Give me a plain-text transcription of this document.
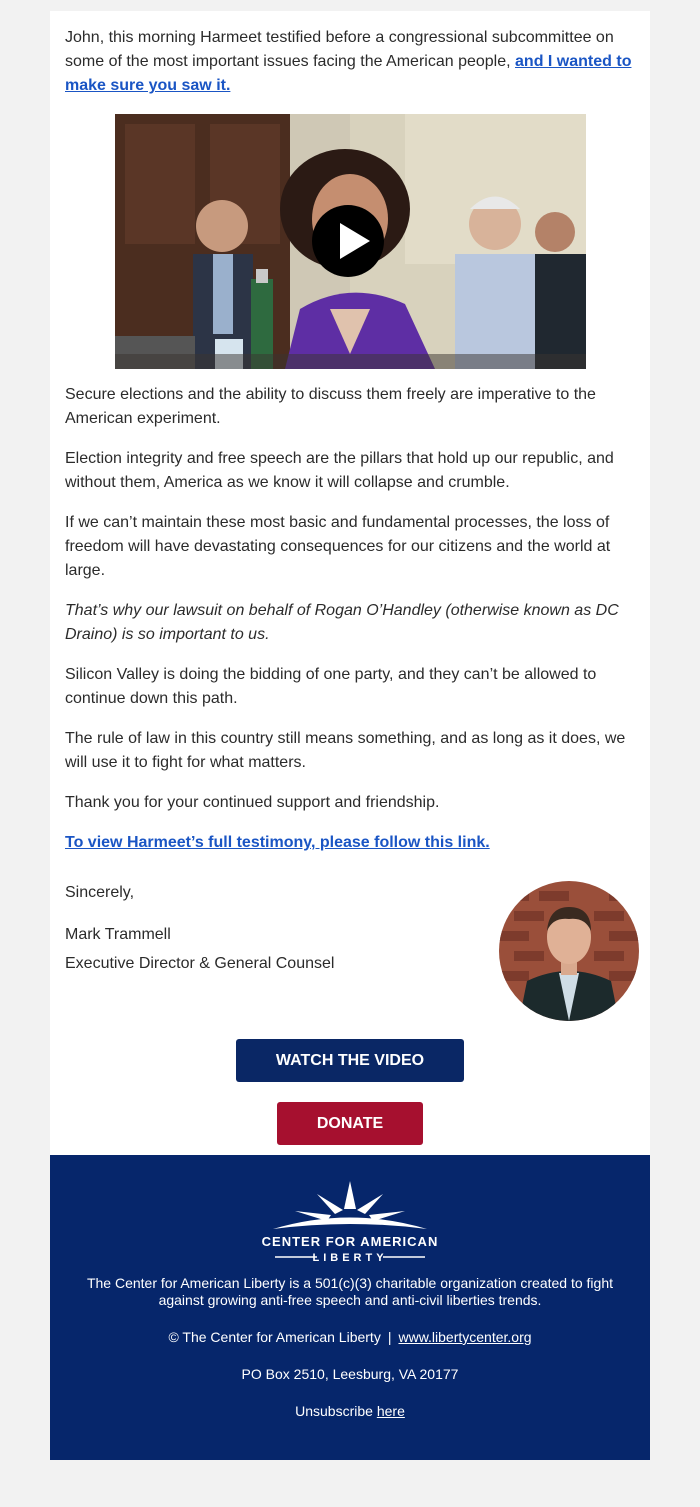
John, this morning Harmeet testified before a congressional subcommittee on some of the most important issues facing the American people, and I wanted to make sure you saw it.

Secure elections and the ability to discuss them freely are imperative to the American experiment.

Election integrity and free speech are the pillars that hold up our republic, and without them, America as we know it will collapse and crumble.

If we can’t maintain these most basic and fundamental processes, the loss of freedom will have devastating consequences for our citizens and the world at large.

That’s why our lawsuit on behalf of Rogan O’Handley (otherwise known as DC Draino) is so important to us.

Silicon Valley is doing the bidding of one party, and they can’t be allowed to continue down this path.

The rule of law in this country still means something, and as long as it does, we will use it to fight for what matters.

Thank you for your continued support and friendship.

To view Harmeet’s full testimony, please follow this link.

Sincerely,

Mark Trammell

Executive Director & General Counsel

WATCH THE VIDEO
DONATE
CENTER FOR AMERICAN
LIBERTY

The Center for American Liberty is a 501(c)(3) charitable organization created to fight against growing anti-free speech and anti-civil liberties trends.

© The Center for American Liberty | www.libertycenter.org

PO Box 2510, Leesburg, VA 20177

Unsubscribe here
